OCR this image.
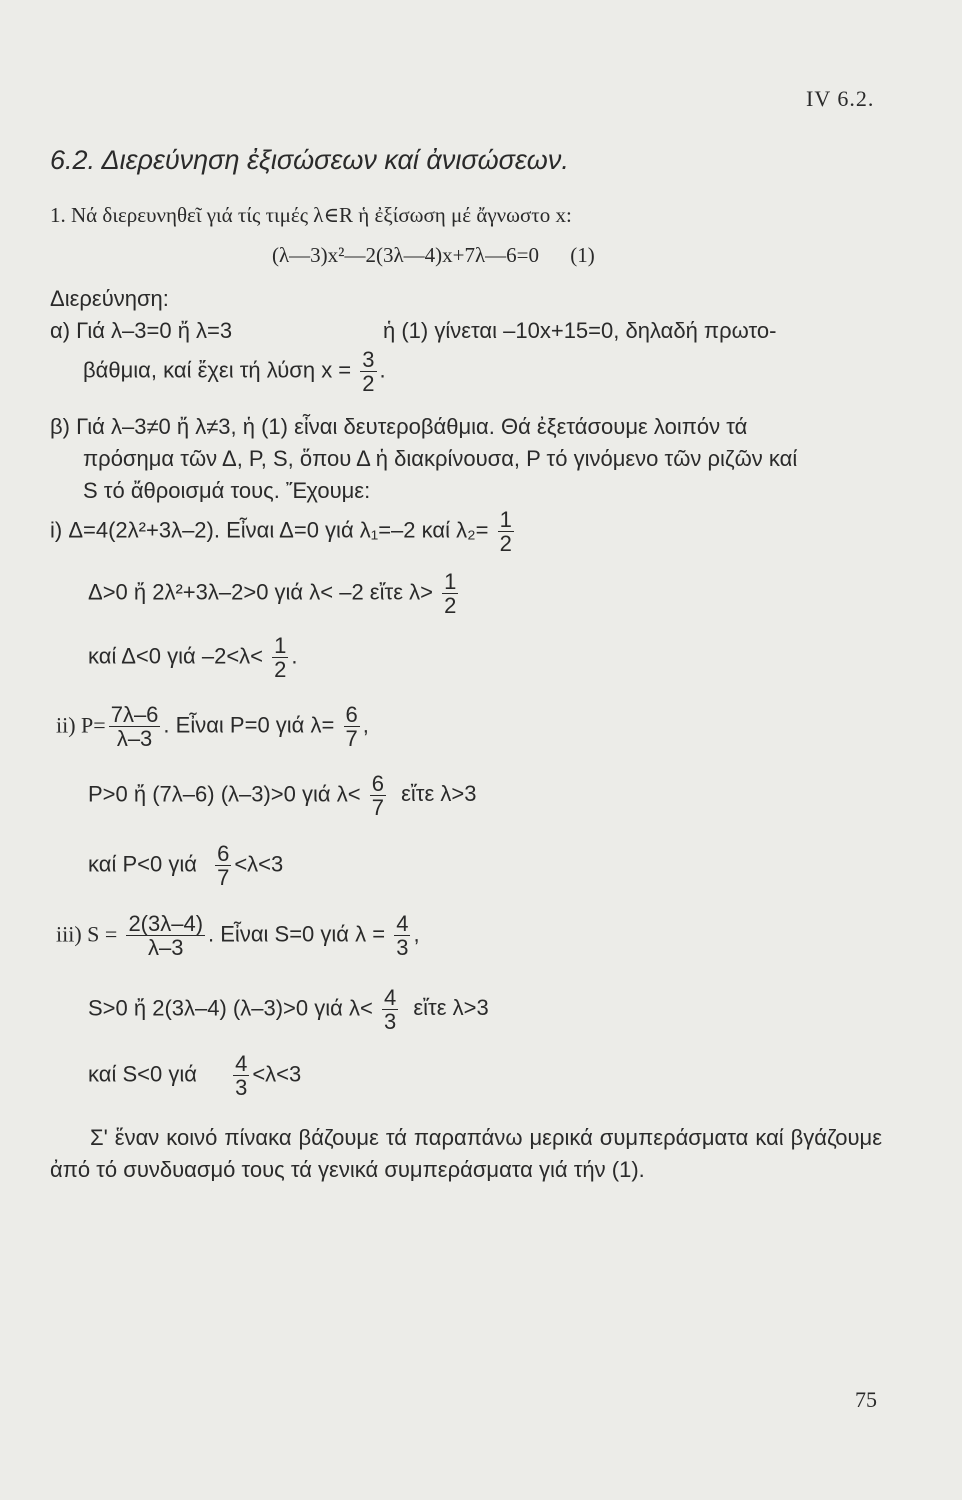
IV 6.2.
6.2. Διερεύνηση ἐξισώσεων καί ἀνισώσεων.
1. Νά διερευνηθεῖ γιά τίς τιμές λ∈R ἡ ἐξίσωση μέ ἄγνωστο x:
(λ—3)x²—2(3λ—4)x+7λ—6=0 (1)
Διερεύνηση:
α) Γιά λ–3=0 ἤ λ=3	ἡ (1) γίνεται –10x+15=0, δηλαδή πρωτο-
βάθμια, καί ἔχει τή λύση $x = \frac{3}{2}$ .
β) Γιά λ–3≠0 ἤ λ≠3, ἡ (1) εἶναι δευτεροβάθμια. Θά ἐξετάσουμε λοιπόν τά
πρόσημα τῶν Δ, P, S, ὅπου Δ ἡ διακρίνουσα, P τό γινόμενο τῶν ριζῶν καί
S τό ἄθροισμά τους. Ἔχουμε:
i) Δ=4(2λ²+3λ–2). Εἶναι Δ=0 γιά λ₁=–2 καί $\lambda_2= \frac{1}{2}$
Δ>0 ἤ 2λ²+3λ–2>0 γιά λ< –2 εἴτε $\lambda> \frac{1}{2}$
καί Δ<0 γιά $-2<\lambda< \frac{1}{2}$ .
ii) $P= \frac{7\lambda-6}{\lambda-3}$ . Εἶναι P=0 γιά $\lambda= \frac{6}{7}$ ,
P>0 ἤ (7λ–6) (λ–3)>0 γιά $\lambda< \frac{6}{7}$ εἴτε λ>3
καί P<0 γιά $\frac{6}{7} <\lambda<3$
iii) $S = \frac{2(3\lambda-4)}{\lambda-3}$ . Εἶναι S=0 γιά $\lambda = \frac{4}{3}$ ,
S>0 ἤ 2(3λ–4) (λ–3)>0 γιά $\lambda< \frac{4}{3}$ εἴτε λ>3
καί S<0 γιά $\frac{4}{3} <\lambda<3$
Σ' ἕναν κοινό πίνακα βάζουμε τά παραπάνω μερικά συμπεράσματα καί βγάζουμε ἀπό τό συνδυασμό τους τά γενικά συμπεράσματα γιά τήν (1).
75
